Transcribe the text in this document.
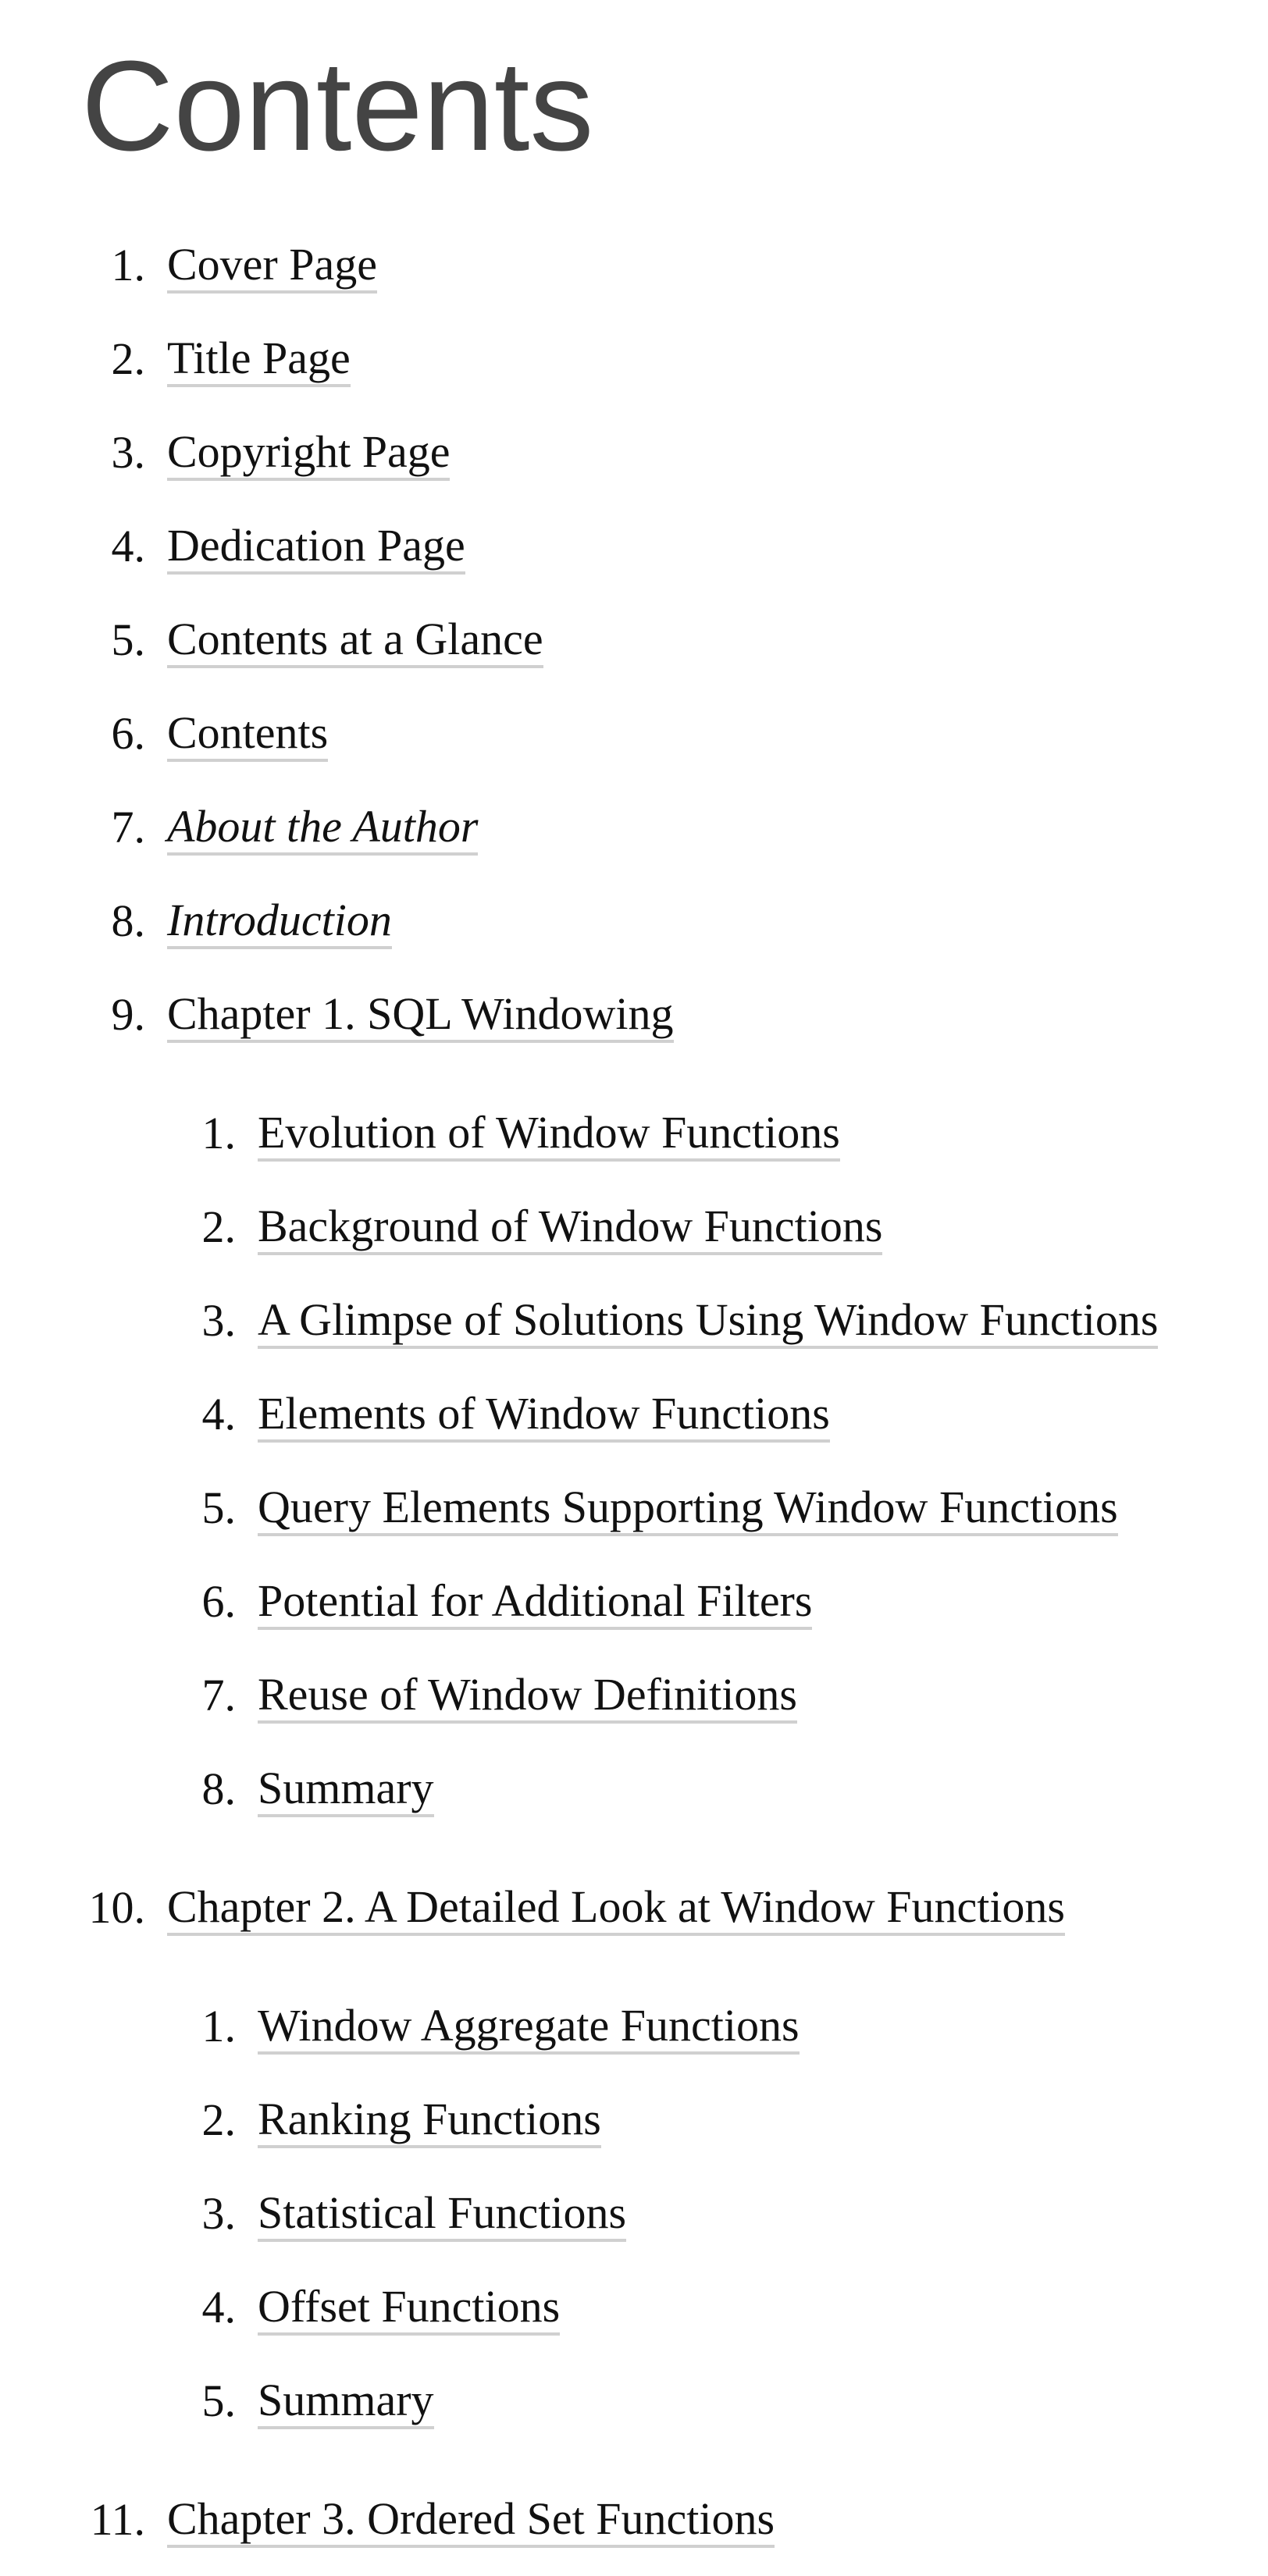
Contents
1. Cover Page
2. Title Page
3. Copyright Page
4. Dedication Page
5. Contents at a Glance
6. Contents
7. About the Author
8. Introduction
9. Chapter 1. SQL Windowing
1. Evolution of Window Functions
2. Background of Window Functions
3. A Glimpse of Solutions Using Window Functions
4. Elements of Window Functions
5. Query Elements Supporting Window Functions
6. Potential for Additional Filters
7. Reuse of Window Definitions
8. Summary
10. Chapter 2. A Detailed Look at Window Functions
1. Window Aggregate Functions
2. Ranking Functions
3. Statistical Functions
4. Offset Functions
5. Summary
11. Chapter 3. Ordered Set Functions
